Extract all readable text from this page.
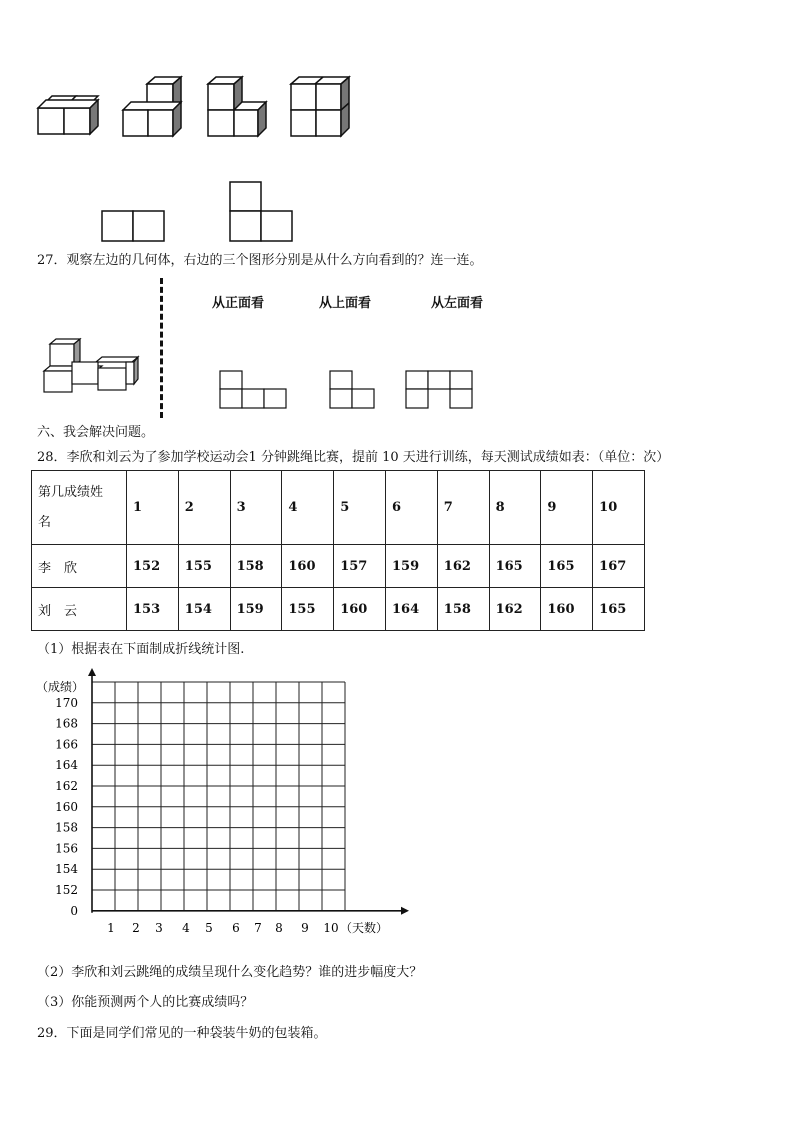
27．观察左边的几何体，右边的三个图形分别是从什么方向看到的？连一连。
从正面看	从上面看	从左面看
六、我会解决问题。
28．李欣和刘云为了参加学校运动会1 分钟跳绳比赛，提前 10 天进行训练，每天测试成绩如表：（单位：次）
第几成绩姓
名	1	2	3	4	5	6	7	8	9	10
李　欣	152	155	158	160	157	159	162	165	165	167
刘　云	153	154	159	155	160	164	158	162	160	165
（1）根据表在下面制成折线统计图.
（成绩）
170
168
166
164
162
160
158
156
154
152
0
1 2 3 4 5 6 7 8 9 10 （天数）
（2）李欣和刘云跳绳的成绩呈现什么变化趋势？谁的进步幅度大？
（3）你能预测两个人的比赛成绩吗？
29．下面是同学们常见的一种袋装牛奶的包装箱。
